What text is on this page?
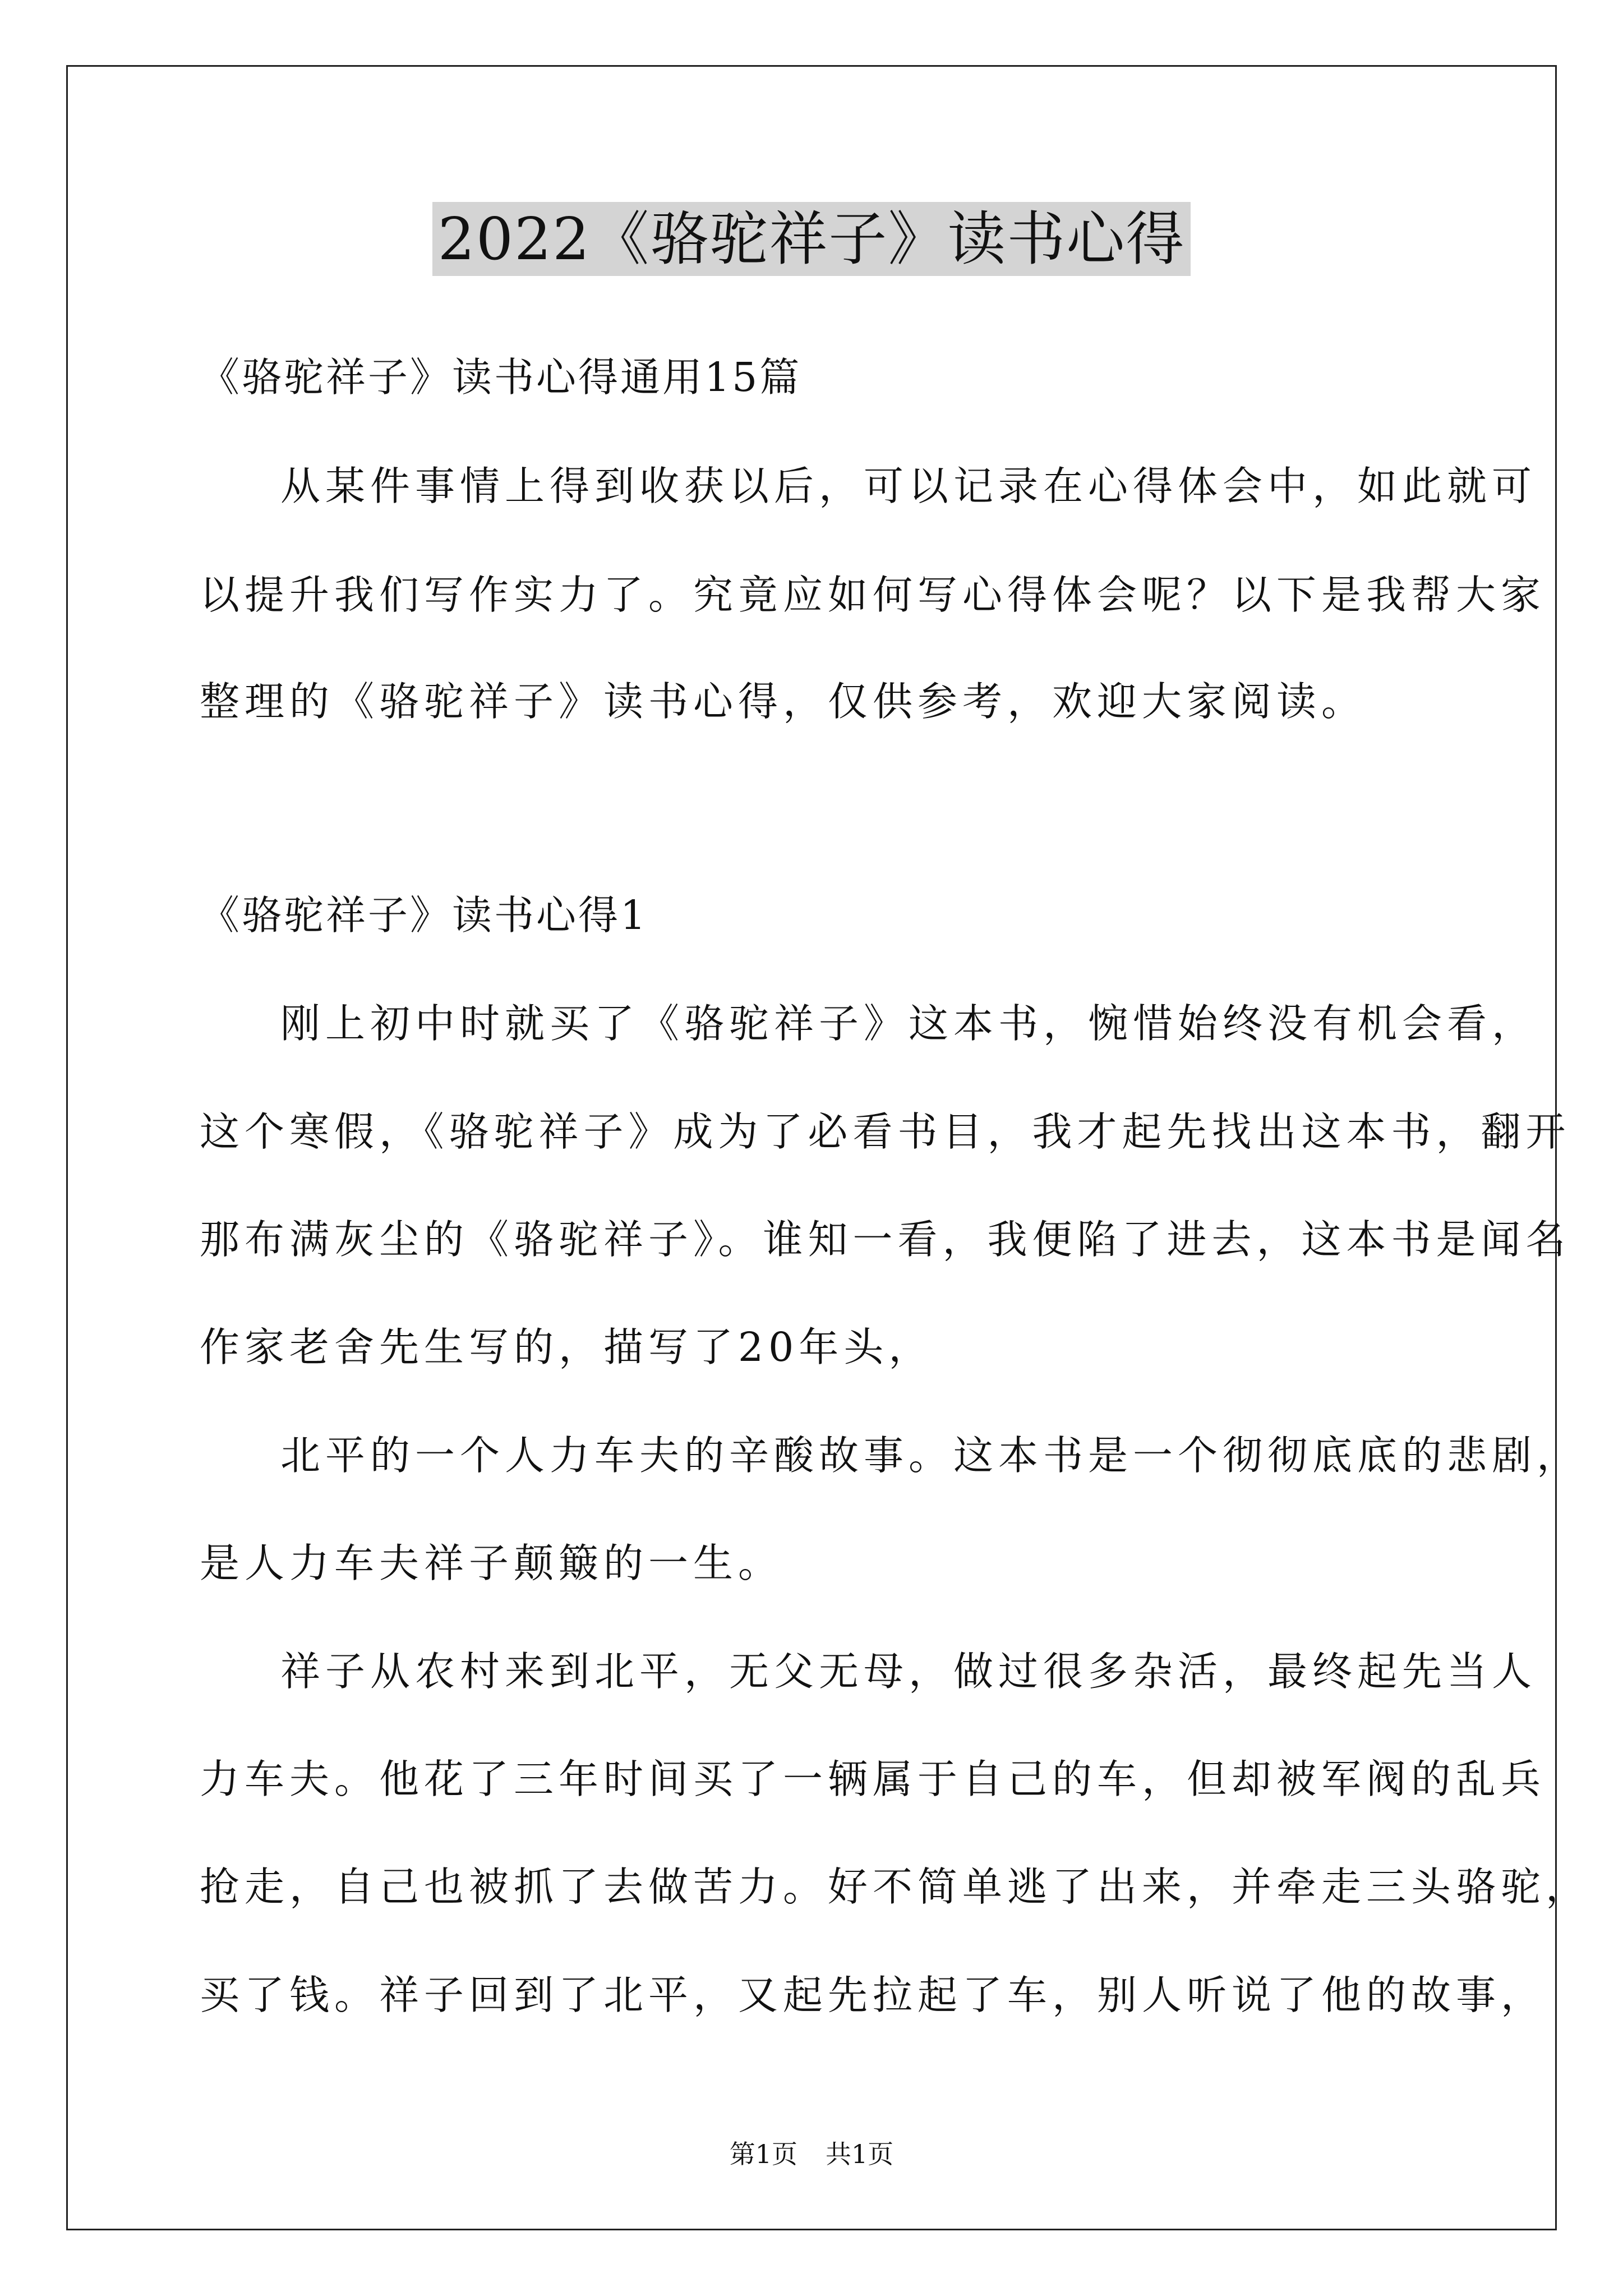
2022《骆驼祥子》读书心得
《骆驼祥子》读书心得通用15篇
从某件事情上得到收获以后，可以记录在心得体会中，如此就可
以提升我们写作实力了。究竟应如何写心得体会呢？以下是我帮大家
整理的《骆驼祥子》读书心得，仅供参考，欢迎大家阅读。
《骆驼祥子》读书心得1
刚上初中时就买了《骆驼祥子》这本书，惋惜始终没有机会看，
这个寒假，《骆驼祥子》成为了必看书目，我才起先找出这本书，翻开
那布满灰尘的《骆驼祥子》。谁知一看，我便陷了进去，这本书是闻名
作家老舍先生写的，描写了20年头，
北平的一个人力车夫的辛酸故事。这本书是一个彻彻底底的悲剧，
是人力车夫祥子颠簸的一生。
祥子从农村来到北平，无父无母，做过很多杂活，最终起先当人
力车夫。他花了三年时间买了一辆属于自己的车，但却被军阀的乱兵
抢走，自己也被抓了去做苦力。好不简单逃了出来，并牵走三头骆驼，
买了钱。祥子回到了北平，又起先拉起了车，别人听说了他的故事，
第1页 共1页
